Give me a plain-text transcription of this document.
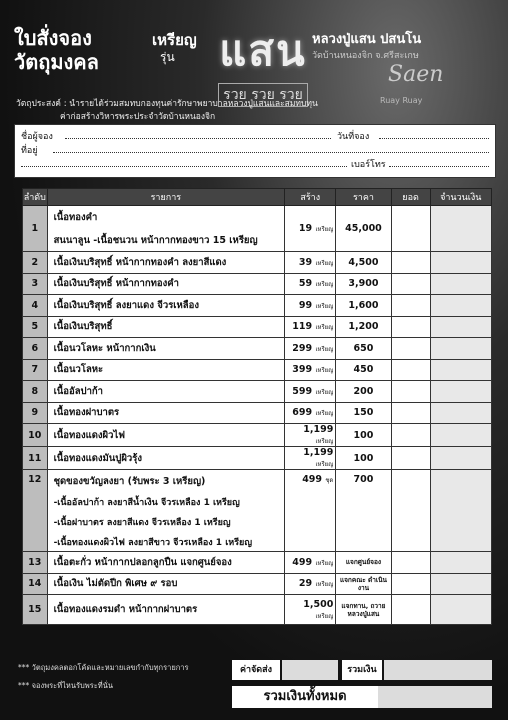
ใบสั่งจอง
วัตถุมงคล
เหรียญ
รุ่น	แสน
รวย รวย รวย
หลวงปู่แสน ปสนโน
วัดบ้านหนองจิก จ.ศรีสะเกษ
Saen
Ruay Ruay
วัตถุประสงค์ : นำรายได้ร่วมสมทบกองทุนค่ารักษาพยาบาลหลวงปู่แสนและสมทบทุน
ค่าก่อสร้างวิหารพระประจำวัดบ้านหนองจิก
ชื่อผู้จอง	วันที่จอง
ที่อยู่
เบอร์โทร
ลำดับ	รายการ	สร้าง	ราคา	ยอด	จำนวนเงิน
1	เนื้อทองคำ
สนนาลูน -เนื้อชนวน หน้ากากทองขาว 15 เหรียญ	19 เหรียญ	45,000		
2	เนื้อเงินบริสุทธิ์ หน้ากากทองคำ ลงยาสีแดง	39 เหรียญ	4,500		
3	เนื้อเงินบริสุทธิ์ หน้ากากทองคำ	59 เหรียญ	3,900		
4	เนื้อเงินบริสุทธิ์ ลงยาแดง จีวรเหลือง	99 เหรียญ	1,600		
5	เนื้อเงินบริสุทธิ์	119 เหรียญ	1,200		
6	เนื้อนวโลหะ หน้ากากเงิน	299 เหรียญ	650		
7	เนื้อนวโลหะ	399 เหรียญ	450		
8	เนื้ออัลปาก้า	599 เหรียญ	200		
9	เนื้อทองฝาบาตร	699 เหรียญ	150		
10	เนื้อทองแดงผิวไฟ	1,199 เหรียญ	100		
11	เนื้อทองแดงมันปูผิวรุ้ง	1,199 เหรียญ	100		
12	ชุดของขวัญลงยา (รับพระ 3 เหรียญ)
-เนื้ออัลปาก้า ลงยาสีน้ำเงิน จีวรเหลือง 1 เหรียญ
-เนื้อฝาบาตร ลงยาสีแดง จีวรเหลือง 1 เหรียญ
-เนื้อทองแดงผิวไฟ ลงยาสีขาว จีวรเหลือง 1 เหรียญ	499 ชุด	700		
13	เนื้อตะกั่ว หน้ากากปลอกลูกปืน แจกศูนย์จอง	499 เหรียญ	แจกศูนย์จอง		
14	เนื้อเงิน ไม่ตัดปีก พิเศษ ๙ รอบ	29 เหรียญ	แจกคณะ ดำเนินงาน		
15	เนื้อทองแดงรมดำ หน้ากากฝาบาตร	1,500 เหรียญ	แจกทาน, ถวาย หลวงปู่แสน		
*** วัตถุมงคลตอกโค้ดและหมายเลขกำกับทุกรายการ
*** จองพระที่ไหนรับพระที่นั่น
ค่าจัดส่ง	รวมเงิน
รวมเงินทั้งหมด
